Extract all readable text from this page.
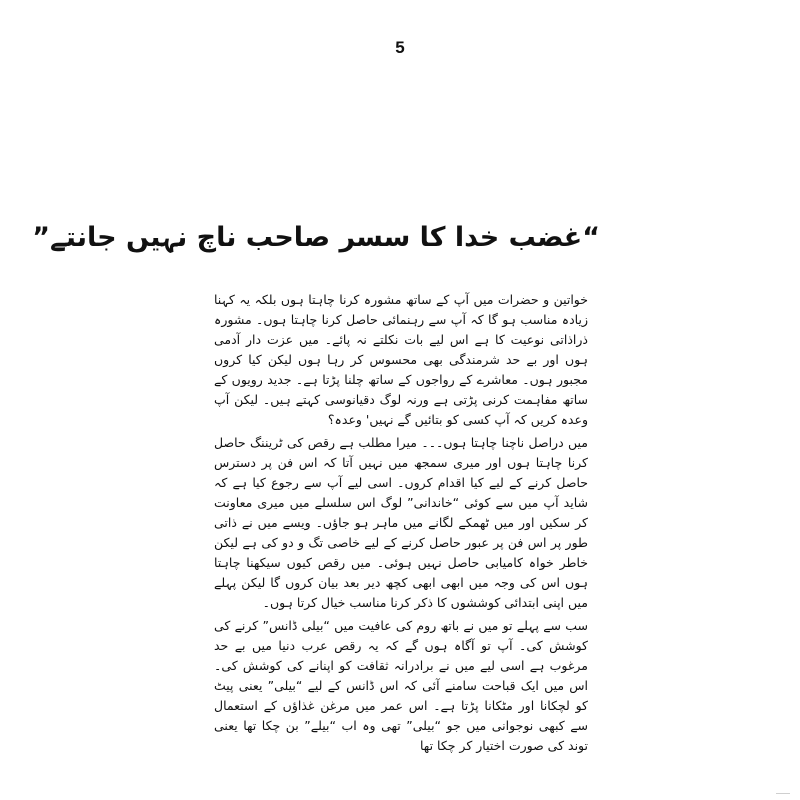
5
“غضب خدا کا سسر صاحب ناچ نہیں جانتے”

خواتین و حضرات میں آپ کے ساتھ مشورہ کرنا چاہتا ہوں بلکہ یہ کہنا زیادہ مناسب ہو گا کہ آپ سے رہنمائی حاصل کرنا چاہتا ہوں۔ مشورہ ذراذاتی نوعیت کا ہے اس لیے بات نکلتے نہ پائے۔ میں عزت دار آدمی ہوں اور بے حد شرمندگی بھی محسوس کر رہا ہوں لیکن کیا کروں مجبور ہوں۔ معاشرے کے رواجوں کے ساتھ چلنا پڑتا ہے۔ جدید رویوں کے ساتھ مفاہمت کرنی پڑتی ہے ورنہ لوگ دقیانوسی کہتے ہیں۔ لیکن آپ وعدہ کریں کہ آپ کسی کو بتائیں گے نہیں' وعدہ؟

میں دراصل ناچنا چاہتا ہوں۔۔۔ میرا مطلب ہے رقص کی ٹریننگ حاصل کرنا چاہتا ہوں اور میری سمجھ میں نہیں آتا کہ اس فن پر دسترس حاصل کرنے کے لیے کیا اقدام کروں۔ اسی لیے آپ سے رجوع کیا ہے کہ شاید آپ میں سے کوئی “خاندانی” لوگ اس سلسلے میں میری معاونت کر سکیں اور میں ٹھمکے لگانے میں ماہر ہو جاؤں۔ ویسے میں نے ذاتی طور پر اس فن پر عبور حاصل کرنے کے لیے خاصی تگ و دو کی ہے لیکن خاطر خواہ کامیابی حاصل نہیں ہوئی۔ میں رقص کیوں سیکھنا چاہتا ہوں اس کی وجہ میں ابھی ابھی کچھ دیر بعد بیان کروں گا لیکن پہلے میں اپنی ابتدائی کوششوں کا ذکر کرنا مناسب خیال کرتا ہوں۔

سب سے پہلے تو میں نے باتھ روم کی عافیت میں “بیلی ڈانس” کرنے کی کوشش کی۔ آپ تو آگاہ ہوں گے کہ یہ رقص عرب دنیا میں بے حد مرغوب ہے اسی لیے میں نے برادرانہ ثقافت کو اپنانے کی کوشش کی۔ اس میں ایک قباحت سامنے آئی کہ اس ڈانس کے لیے “بیلی” یعنی پیٹ کو لچکانا اور مٹکانا پڑتا ہے۔ اس عمر میں مرغن غذاؤں کے استعمال سے کبھی نوجوانی میں جو “بیلی” تھی وہ اب “بیلے” بن چکا تھا یعنی توند کی صورت اختیار کر چکا تھا
